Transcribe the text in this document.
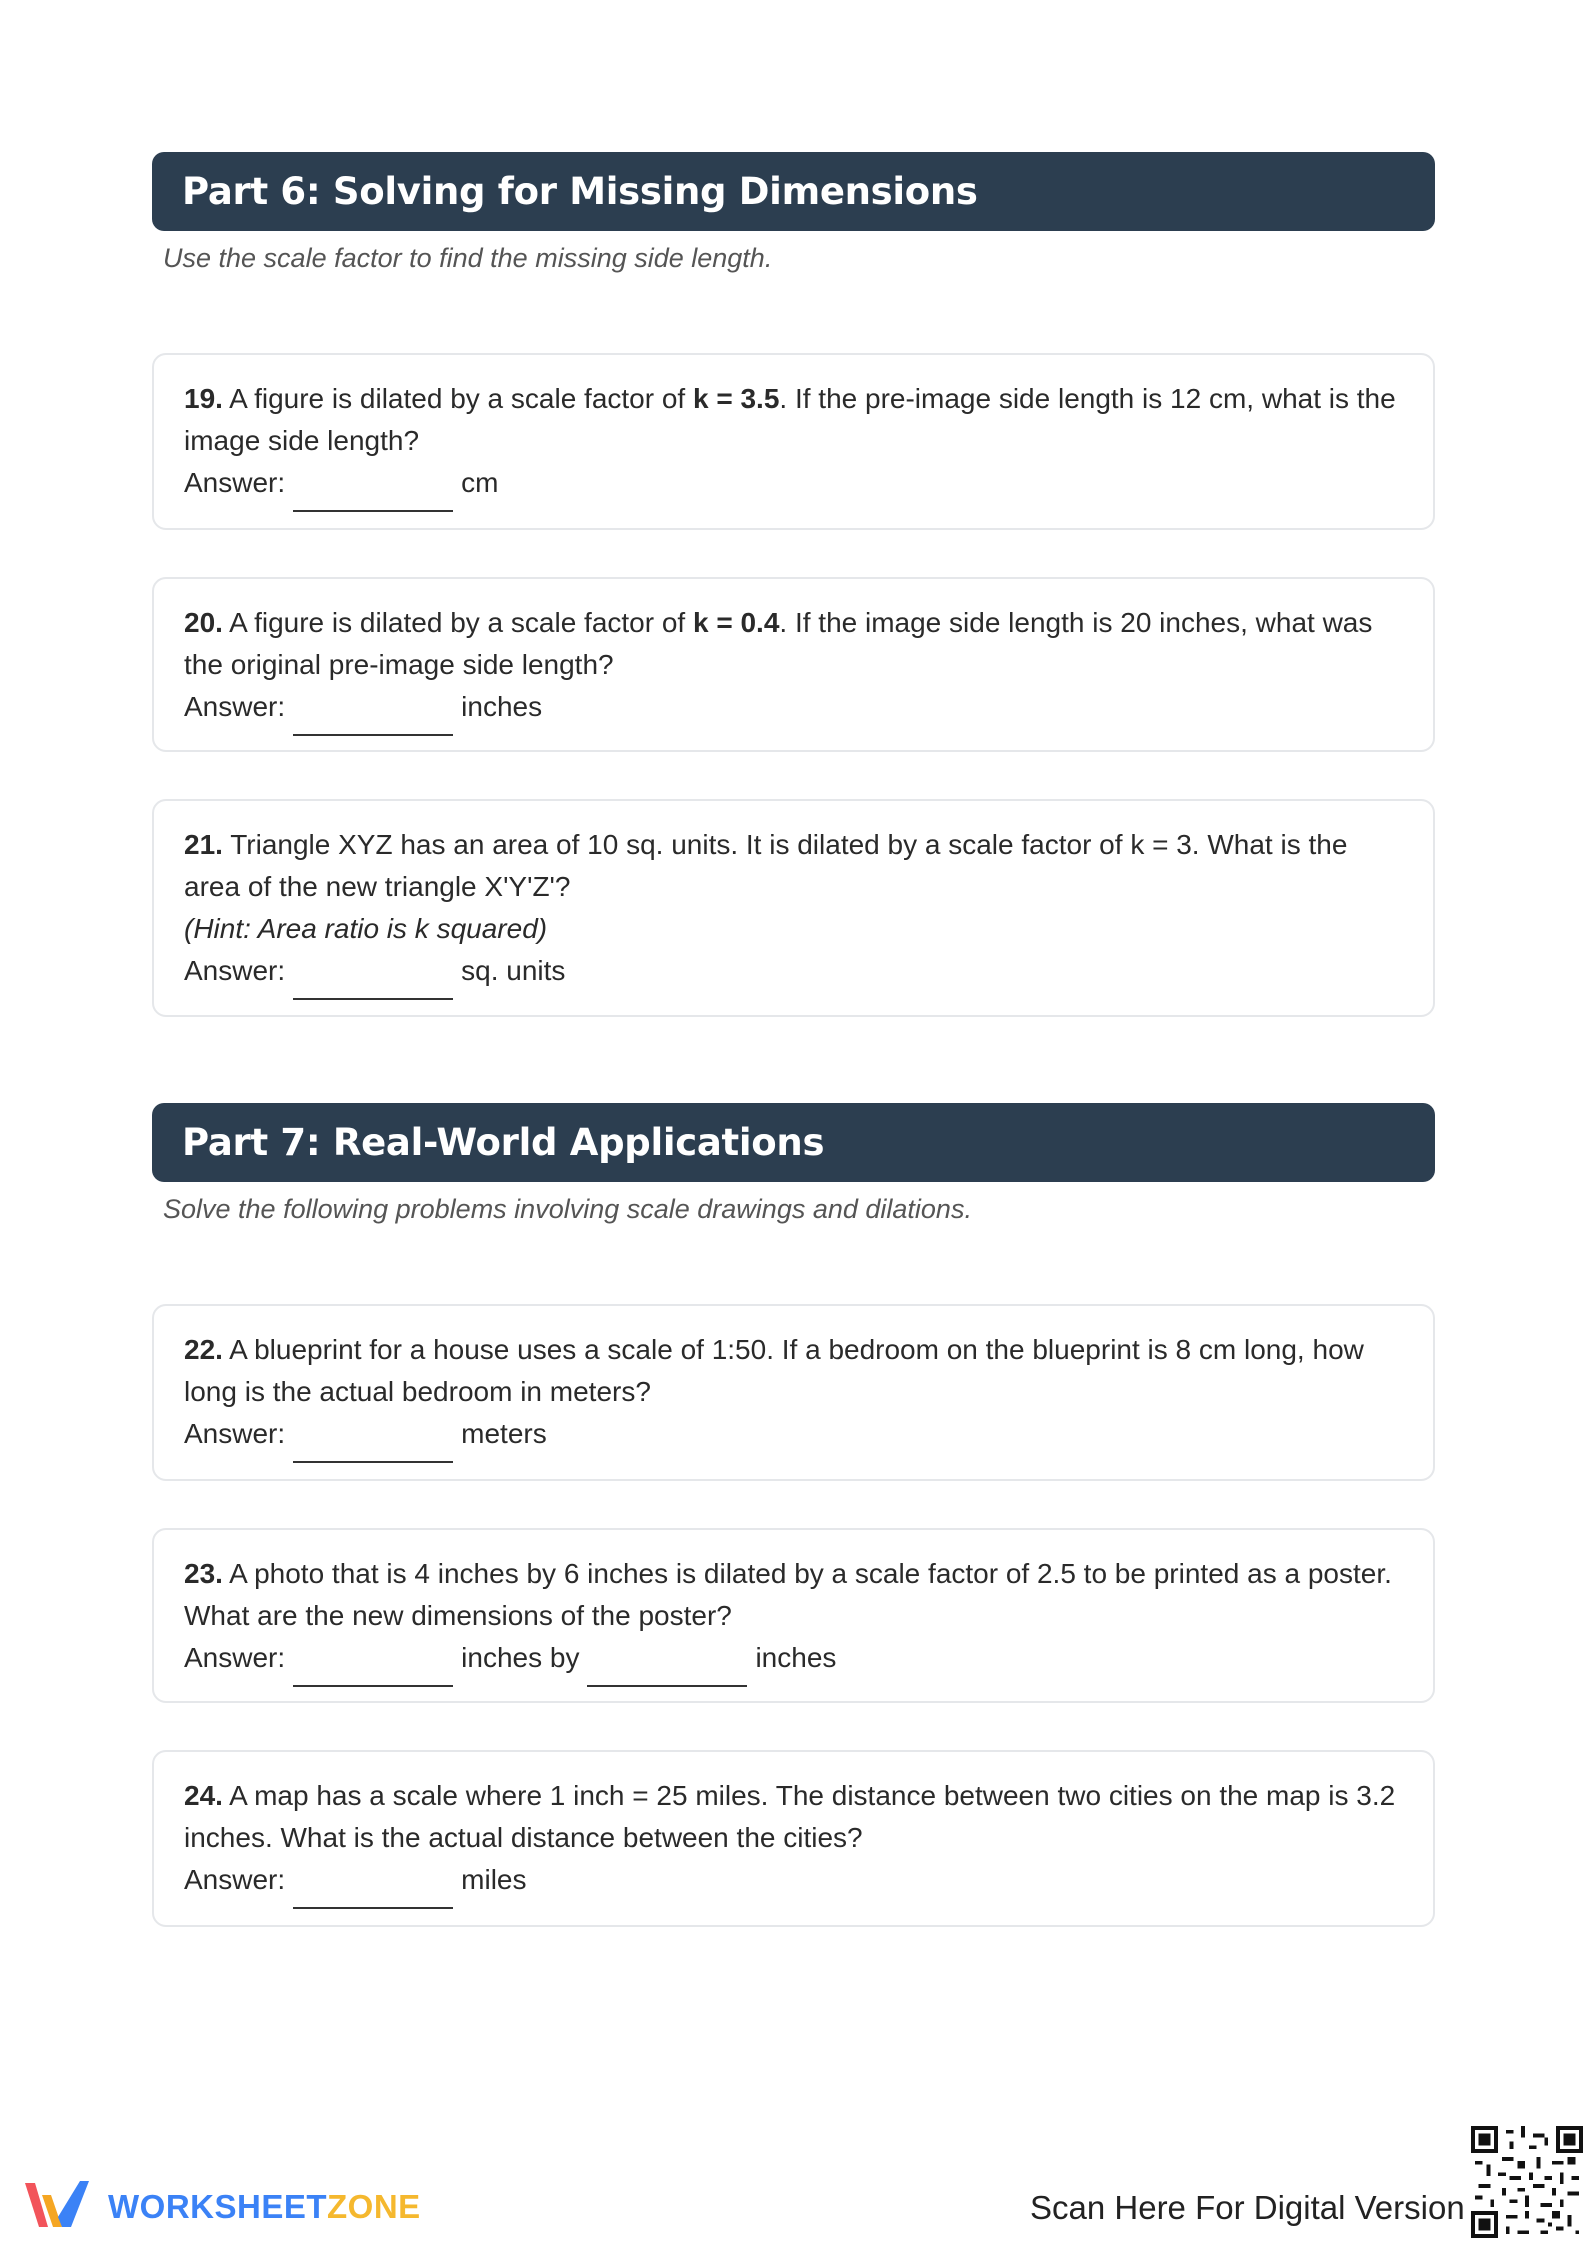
Part 6: Solving for Missing Dimensions
Use the scale factor to find the missing side length.
19. A figure is dilated by a scale factor of k = 3.5. If the pre-image side length is 12 cm, what is the image side length?
Answer:	cm
20. A figure is dilated by a scale factor of k = 0.4. If the image side length is 20 inches, what was the original pre-image side length?
Answer:	inches
21. Triangle XYZ has an area of 10 sq. units. It is dilated by a scale factor of k = 3. What is the area of the new triangle X'Y'Z'?
(Hint: Area ratio is k squared)
Answer:	sq. units
Part 7: Real-World Applications
Solve the following problems involving scale drawings and dilations.
22. A blueprint for a house uses a scale of 1:50. If a bedroom on the blueprint is 8 cm long, how long is the actual bedroom in meters?
Answer:	meters
23. A photo that is 4 inches by 6 inches is dilated by a scale factor of 2.5 to be printed as a poster. What are the new dimensions of the poster?
Answer:	inches by	inches
24. A map has a scale where 1 inch = 25 miles. The distance between two cities on the map is 3.2 inches. What is the actual distance between the cities?
Answer:	miles
WORKSHEETZONE	Scan Here For Digital Version
